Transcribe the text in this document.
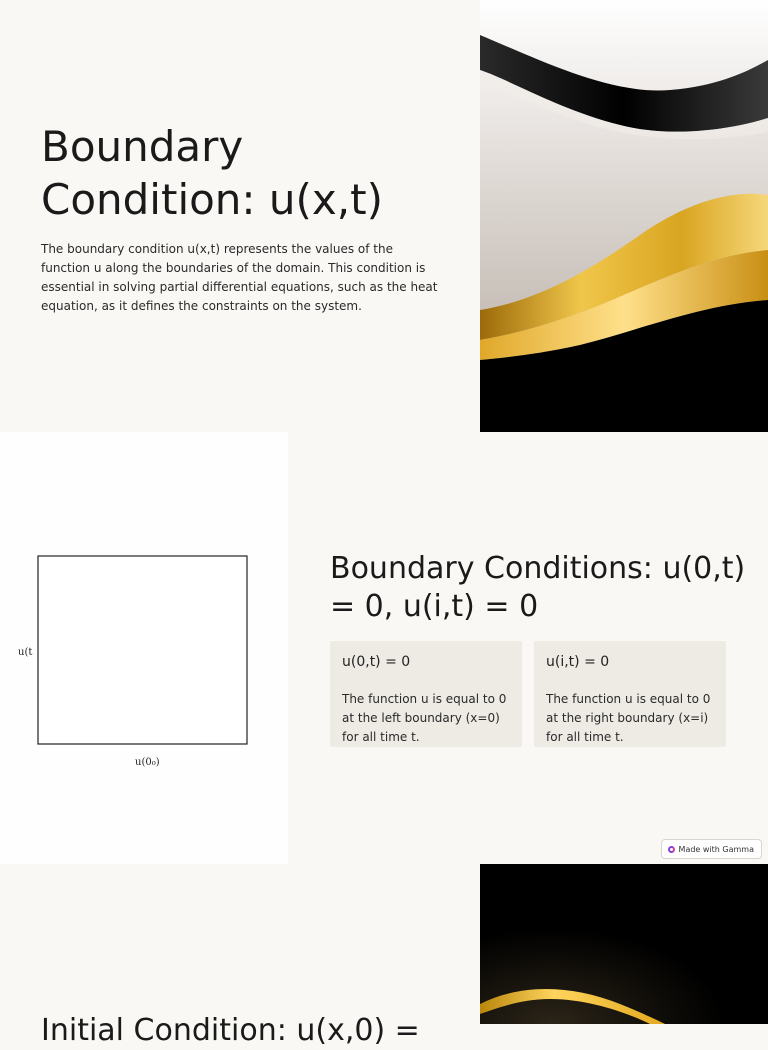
Boundary Condition: u(x,t)

The boundary condition u(x,t) represents the values of the function u along the boundaries of the domain. This condition is essential in solving partial differential equations, such as the heat equation, as it defines the constraints on the system.

u(t
u(0₀)
Boundary Conditions: u(0,t) = 0, u(i,t) = 0
u(0,t) = 0
The function u is equal to 0 at the left boundary (x=0) for all time t.
u(i,t) = 0
The function u is equal to 0 at the right boundary (x=i) for all time t.
Made with Gamma
Initial Condition: u(x,0) =
